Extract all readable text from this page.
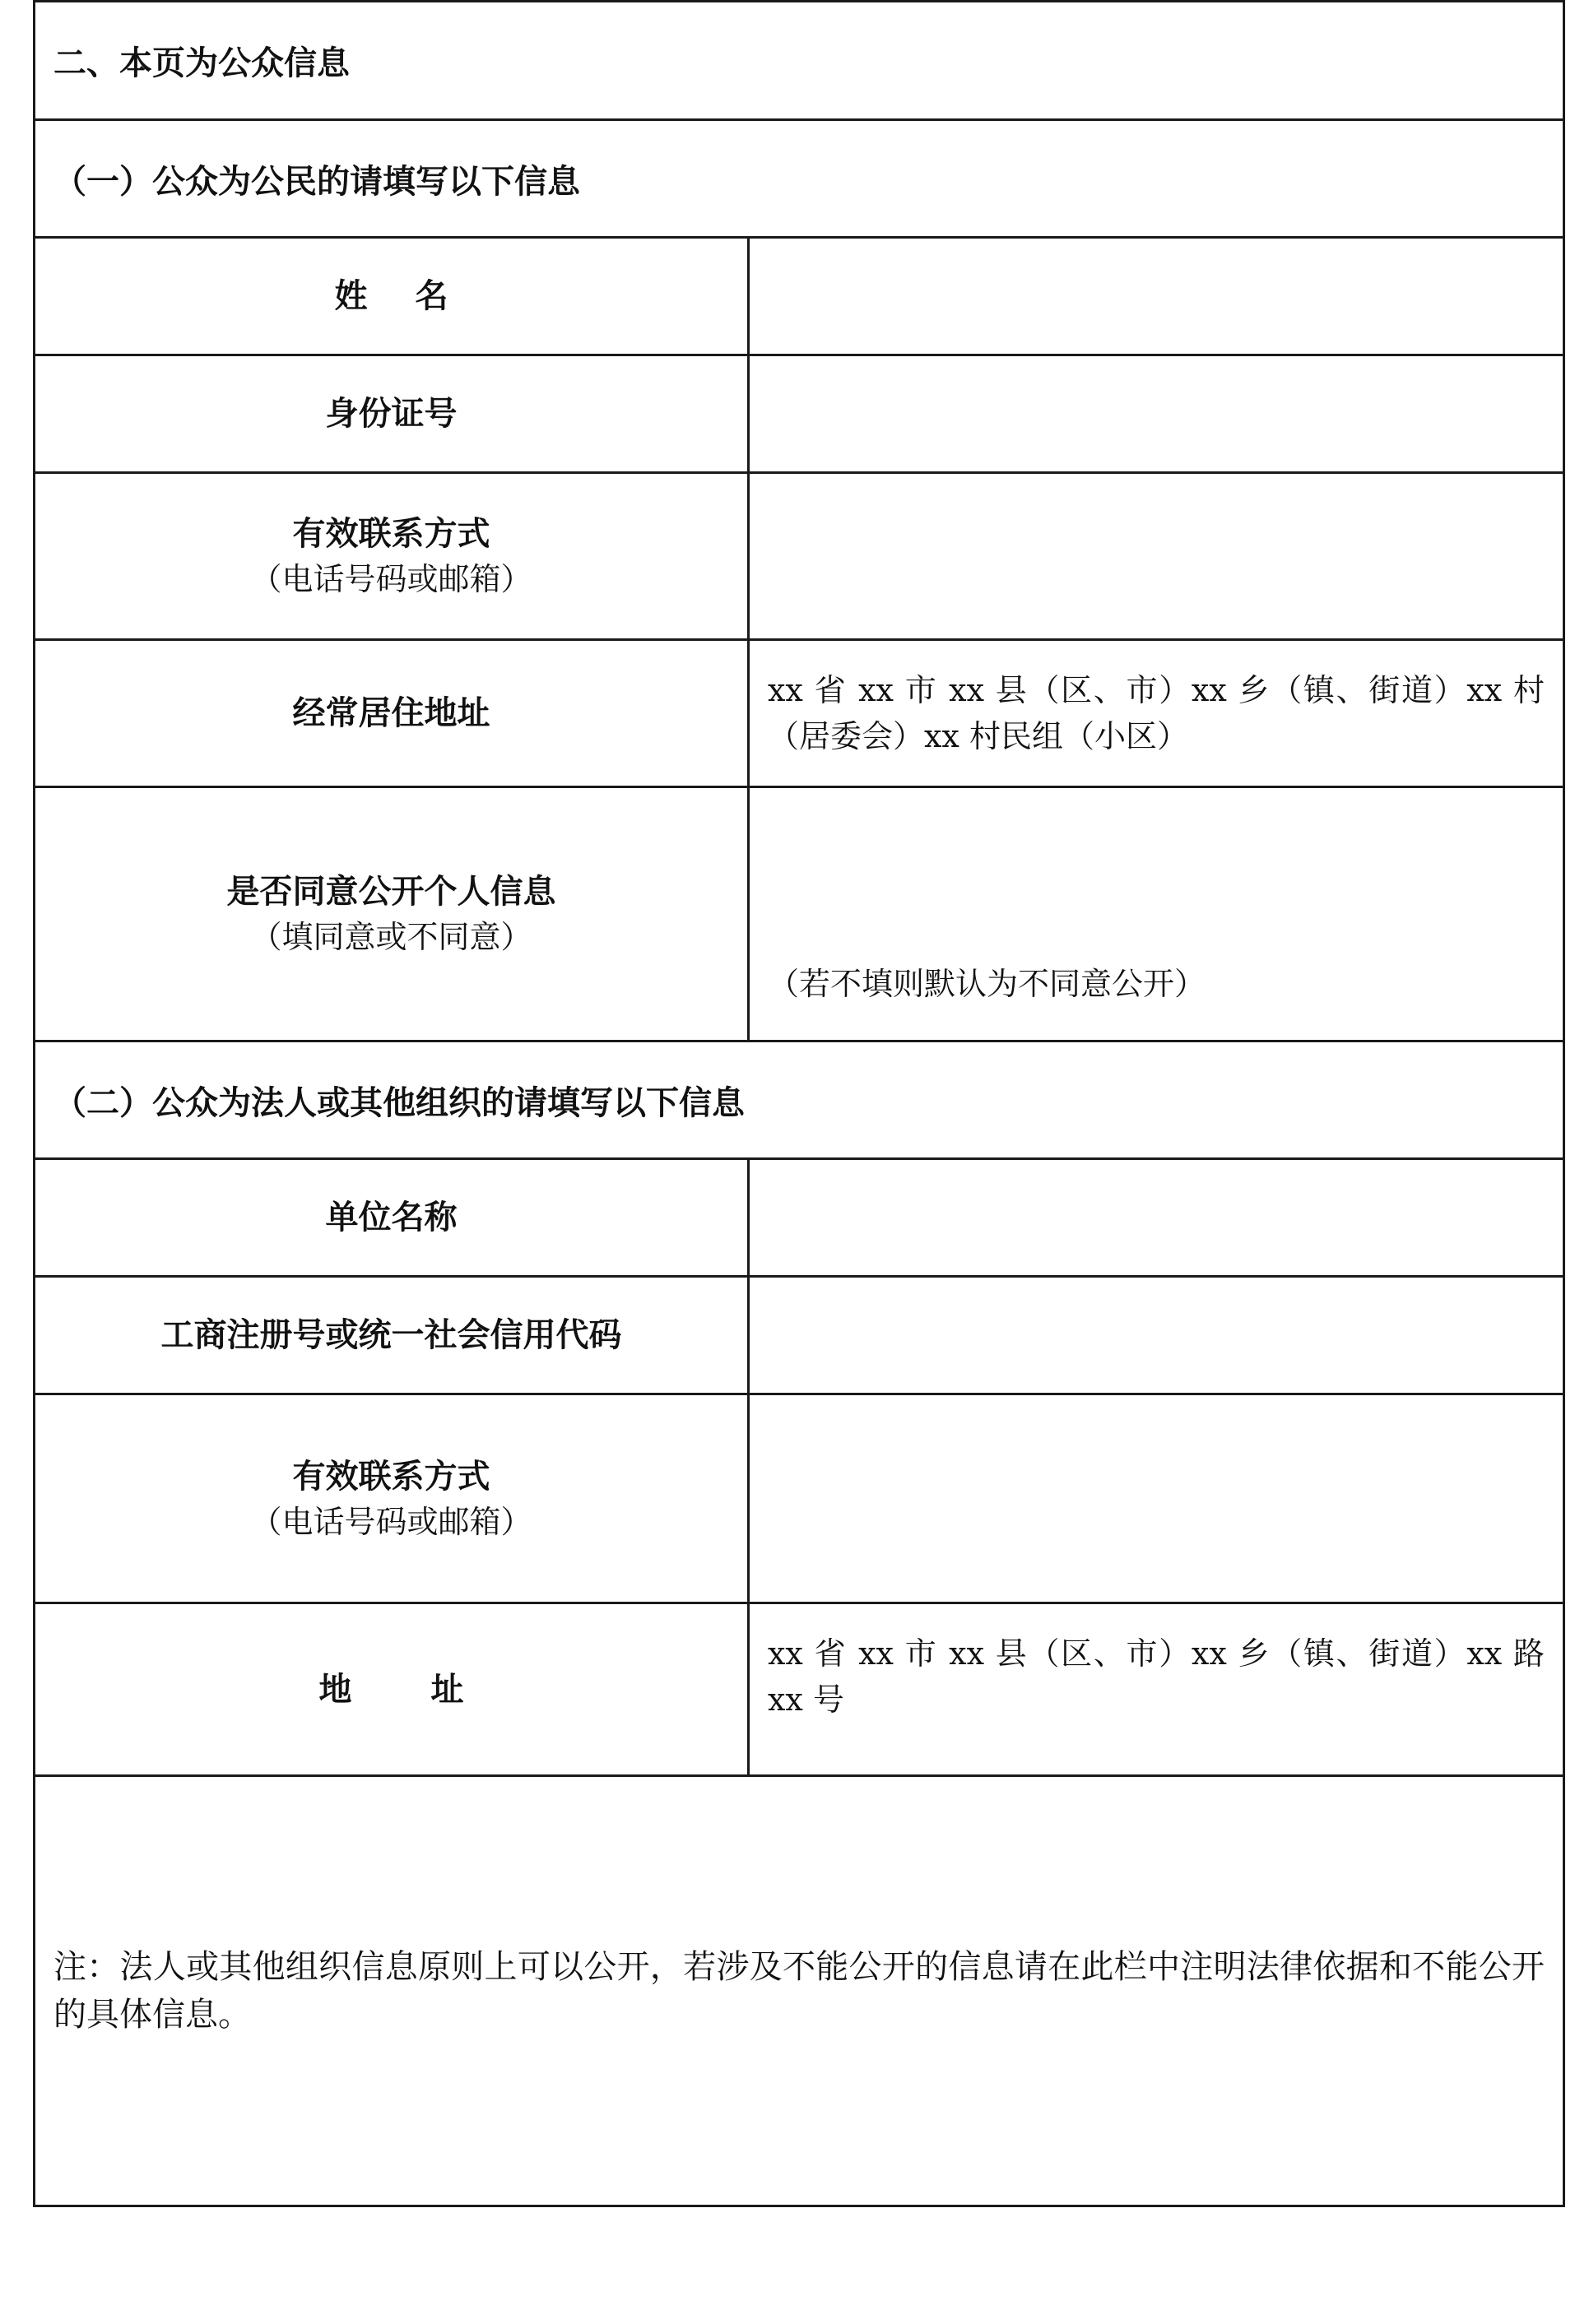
二、本页为公众信息	
（一）公众为公民的请填写以下信息	

姓名	

身份证号	

有效联系方式
（电话号码或邮箱）	

经常居住地址	xx 省 xx 市 xx 县（区、市）xx 乡（镇、街道）xx 村（居委会）xx 村民组（小区）

是否同意公开个人信息
（填同意或不同意）	（若不填则默认为不同意公开）
（二）公众为法人或其他组织的请填写以下信息	

单位名称	

工商注册号或统一社会信用代码	

有效联系方式
（电话号码或邮箱）	

地址	xx 省 xx 市 xx 县（区、市）xx 乡（镇、街道）xx 路 xx 号
注：法人或其他组织信息原则上可以公开，若涉及不能公开的信息请在此栏中注明法律依据和不能公开的具体信息。	
